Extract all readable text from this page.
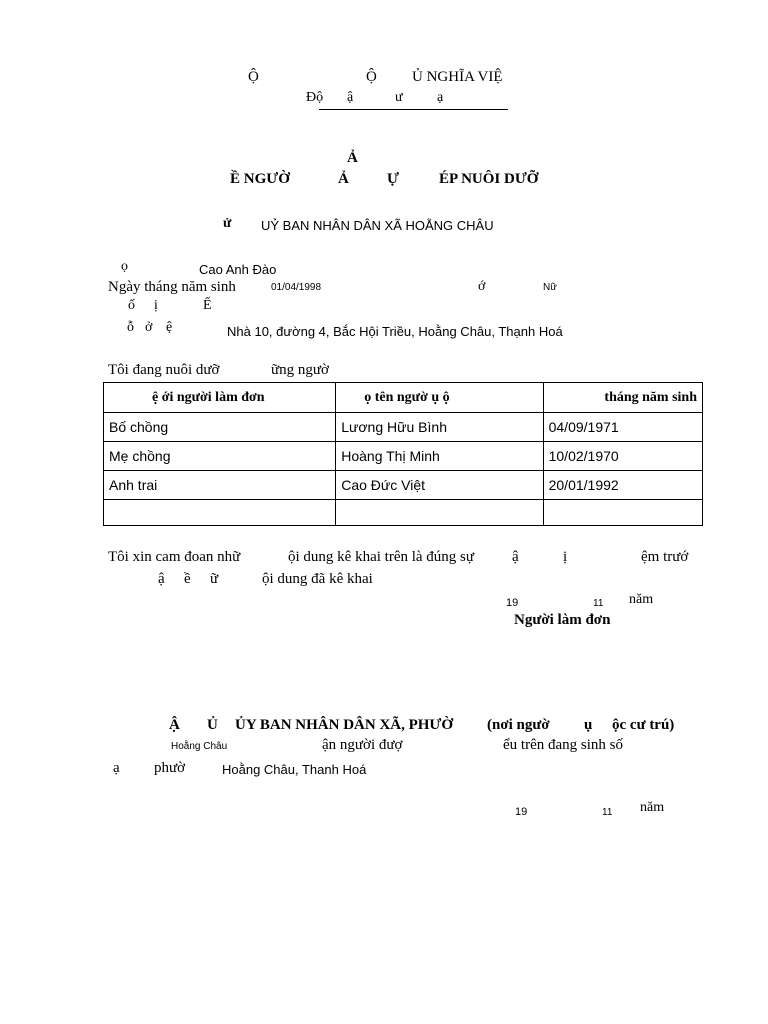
Ộ	Ộ Ủ NGHĨA VIỆ
Độ ậ	ư ạ
Ả
Ề NGƯỜ	Ả	Ự	ÉP NUÔI DƯỠ
ử UỶ BAN NHÂN DÂN XÃ HOẰNG CHÂU
ọ	Cao Anh Đào
Ngày tháng năm sinh	01/04/1998	ớ	Nữ
ố ị	Ế
ỗ ở ệ	Nhà 10, đường 4, Bắc Hội Triều, Hoằng Châu, Thạnh Hoá
Tôi đang nuôi dưỡ	ững ngườ
ệ ới người làm đơn	ọ tên ngườ ụ ộ	tháng năm sinh
Bố chồng	Lương Hữu Bình	04/09/1971
Mẹ chồng	Hoàng Thị Minh	10/02/1970
Anh trai	Cao Đức Việt	20/01/1992

Tôi xin cam đoan nhữ	ội dung kê khai trên là đúng sự	ậ	ị	ệm trướ
ậ ề ữ	ội dung đã kê khai
19	11 năm
Người làm đơn
Ậ Ủ ỦY BAN NHÂN DÂN XÃ, PHƯỜ (nơi ngườ ụ ộc cư trú)
Hoằng Châu	ận người đượ	ểu trên đang sinh số
ạ phườ	Hoằng Châu, Thanh Hoá
19	11 năm
